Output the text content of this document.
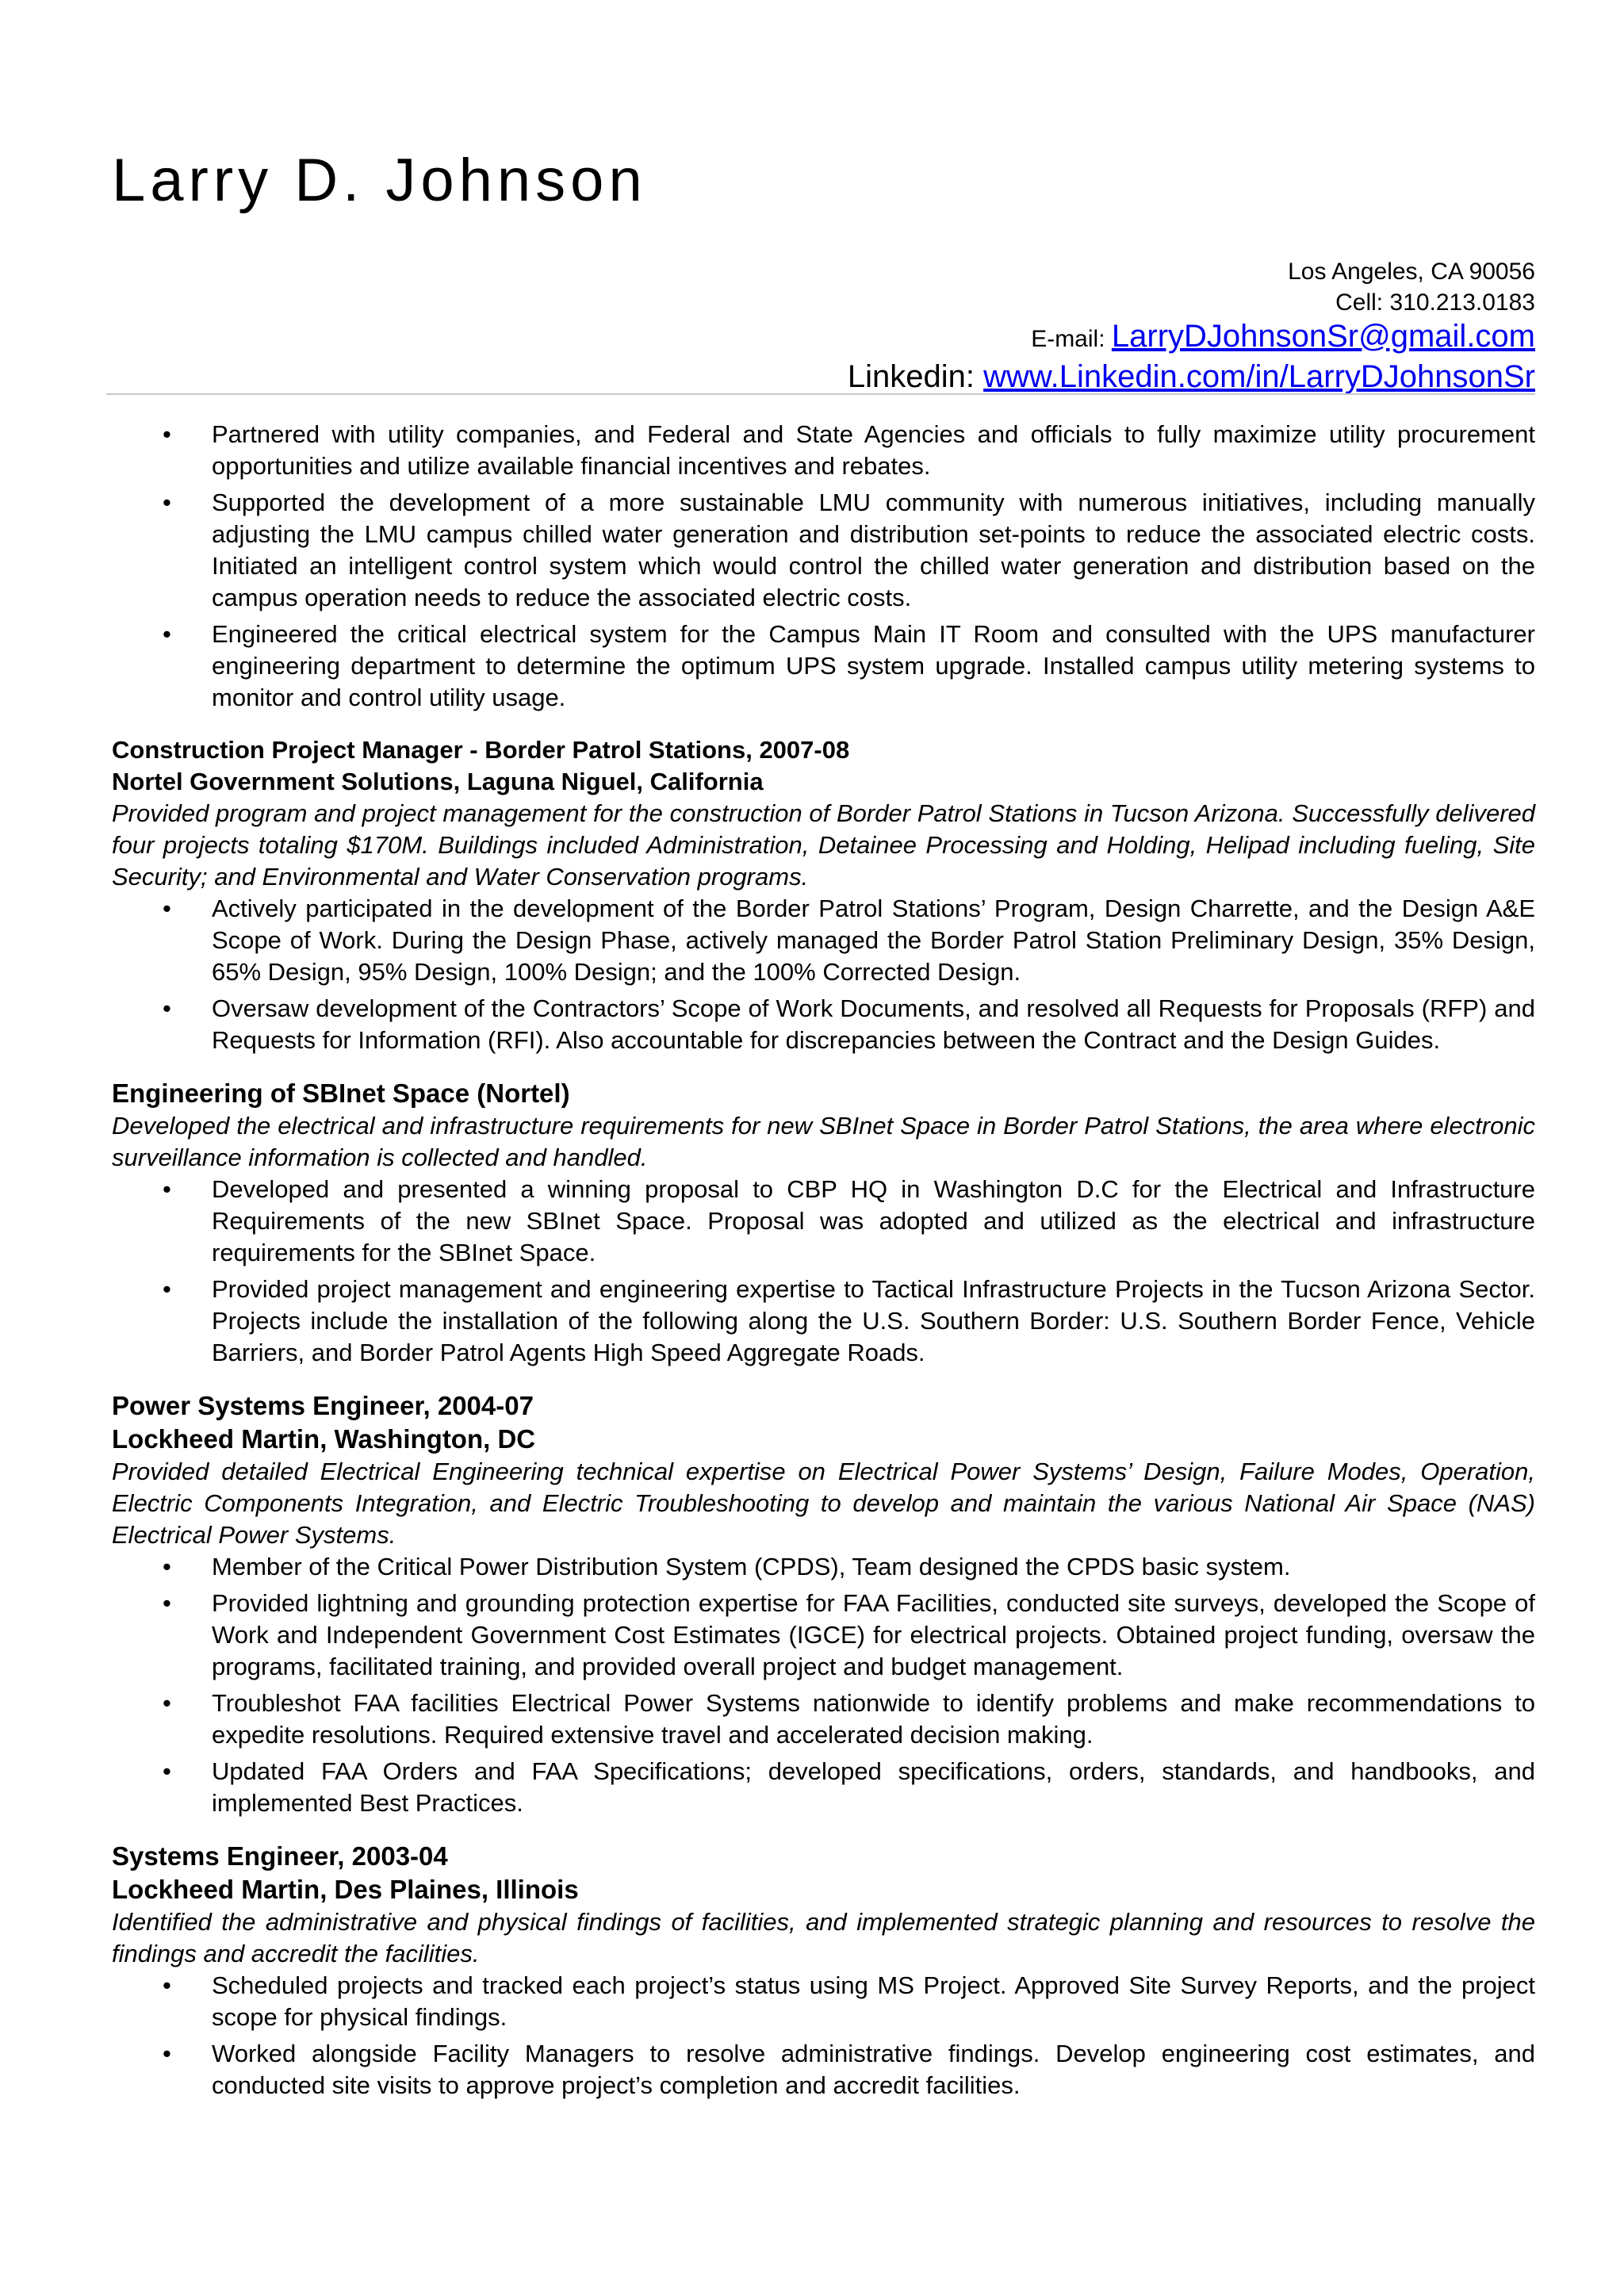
Larry D. Johnson
Los Angeles, CA 90056
Cell: 310.213.0183
E-mail: LarryDJohnsonSr@gmail.com
Linkedin: www.Linkedin.com/in/LarryDJohnsonSr
• Partnered with utility companies, and Federal and State Agencies and officials to fully maximize utility procurement opportunities and utilize available financial incentives and rebates.
• Supported the development of a more sustainable LMU community with numerous initiatives, including manually adjusting the LMU campus chilled water generation and distribution set-points to reduce the associated electric costs. Initiated an intelligent control system which would control the chilled water generation and distribution based on the campus operation needs to reduce the associated electric costs.
• Engineered the critical electrical system for the Campus Main IT Room and consulted with the UPS manufacturer engineering department to determine the optimum UPS system upgrade. Installed campus utility metering systems to monitor and control utility usage.
Construction Project Manager - Border Patrol Stations, 2007-08
Nortel Government Solutions, Laguna Niguel, California
Provided program and project management for the construction of Border Patrol Stations in Tucson Arizona. Successfully delivered four projects totaling $170M. Buildings included Administration, Detainee Processing and Holding, Helipad including fueling, Site Security; and Environmental and Water Conservation programs.
• Actively participated in the development of the Border Patrol Stations’ Program, Design Charrette, and the Design A&E Scope of Work. During the Design Phase, actively managed the Border Patrol Station Preliminary Design, 35% Design, 65% Design, 95% Design, 100% Design; and the 100% Corrected Design.
• Oversaw development of the Contractors’ Scope of Work Documents, and resolved all Requests for Proposals (RFP) and Requests for Information (RFI). Also accountable for discrepancies between the Contract and the Design Guides.
Engineering of SBInet Space (Nortel)
Developed the electrical and infrastructure requirements for new SBInet Space in Border Patrol Stations, the area where electronic surveillance information is collected and handled.
• Developed and presented a winning proposal to CBP HQ in Washington D.C for the Electrical and Infrastructure Requirements of the new SBInet Space. Proposal was adopted and utilized as the electrical and infrastructure requirements for the SBInet Space.
• Provided project management and engineering expertise to Tactical Infrastructure Projects in the Tucson Arizona Sector. Projects include the installation of the following along the U.S. Southern Border: U.S. Southern Border Fence, Vehicle Barriers, and Border Patrol Agents High Speed Aggregate Roads.
Power Systems Engineer, 2004-07
Lockheed Martin, Washington, DC
Provided detailed Electrical Engineering technical expertise on Electrical Power Systems’ Design, Failure Modes, Operation, Electric Components Integration, and Electric Troubleshooting to develop and maintain the various National Air Space (NAS) Electrical Power Systems.
• Member of the Critical Power Distribution System (CPDS), Team designed the CPDS basic system.
• Provided lightning and grounding protection expertise for FAA Facilities, conducted site surveys, developed the Scope of Work and Independent Government Cost Estimates (IGCE) for electrical projects. Obtained project funding, oversaw the programs, facilitated training, and provided overall project and budget management.
• Troubleshot FAA facilities Electrical Power Systems nationwide to identify problems and make recommendations to expedite resolutions. Required extensive travel and accelerated decision making.
• Updated FAA Orders and FAA Specifications; developed specifications, orders, standards, and handbooks, and implemented Best Practices.
Systems Engineer, 2003-04
Lockheed Martin, Des Plaines, Illinois
Identified the administrative and physical findings of facilities, and implemented strategic planning and resources to resolve the findings and accredit the facilities.
• Scheduled projects and tracked each project’s status using MS Project. Approved Site Survey Reports, and the project scope for physical findings.
• Worked alongside Facility Managers to resolve administrative findings. Develop engineering cost estimates, and conducted site visits to approve project’s completion and accredit facilities.
